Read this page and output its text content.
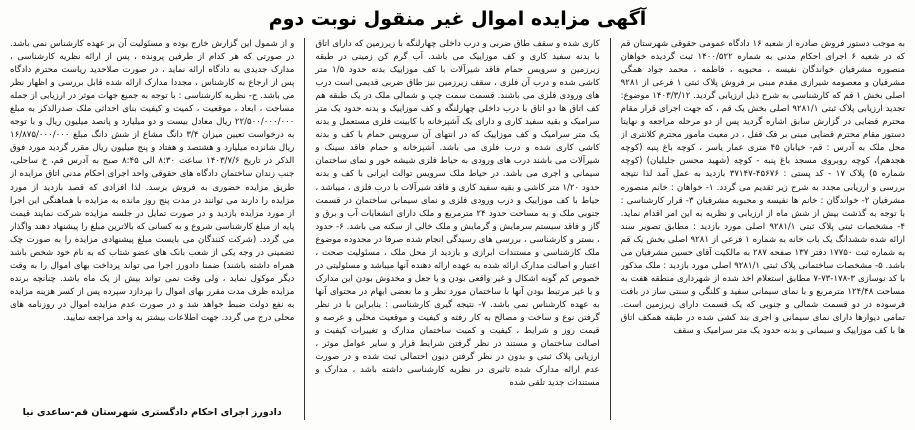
آگهی مزایده اموال غیر منقول نوبت دوم

به موجب دستور فروش صادره از شعبه ۱۶ دادگاه عمومی حقوقی شهرستان قم که در شعبه ۶ اجرای احکام مدنی به شماره ۱۴۰۰/۵۲۲ ثبت گردیده خواهان منصوره مشرفیان خواندگان نفیسه ، محبوبه ، فاطمه ، محمد جواد همگی مشرفیان و معصومه شیرازی مقدم مبنی بر فروش پلاک ثبتی ۱ فرعی از ۹۲۸۱ اصلی بخش ۱ قم که کارشناسی به شرح ذیل ارزیابی گردید. ۱۴۰۳/۳/۱۲ موضوع: تجدید ارزیابی پلاک ثبتی ۹۲۸۱/۱ اصلی بخش یک قم ، که جهت اجرای قرار مقام محترم قضایی در گزارش سابق اشاره گردید پس از دو مرحله مراجعه و نهایتا دستور مقام محترم قضایی مبنی بر فک قفل ، در معیت مامور محترم کلانتری از محل ملک به آدرس : قم- خیابان ۴۵ متری عمار یاسر ، کوچه باغ پنبه (کوچه هجدهم)، کوچه روبروی مسجد باغ پنبه - کوچه (شهید محسن جلیلیان) (کوچه شماره ۵) پلاک ۱۷ - کد پستی : ۴۵۶۷۶-۳۷۱۴۷ بازدید به عمل آمد لذا نتیجه بررسی و ارزیابی مجدد به شرح زیر تقدیم می گردد. ۱- خواهان : خانم منصوره مشرفیان ۲- خواندگان : خانم ها نفیسه و محبوبه مشرفیان ۳- قرار کارشناسی : با توجه به گذشت بیش از شش ماه از ارزیابی و نظریه به این امر اقدام نماید. ۴- مشخصات ثبتی پلاک ثبتی ۹۲۸۱/۱ اصلی مورد بازدید : مطابق تصویر سند ارائه شده ششدانگ یک باب خانه به شماره ۱ فرعی از ۹۲۸۱ اصلی بخش یک قم به شماره ثبت ۱۷۷۵۰ دفتر ۱۳۷ صفحه ۲۸۷ به مالکیت آقای حسین مشرفیان می باشد. ۵- مشخصات ساختمانی پلاک ثبتی ۹۲۸۱/۱ اصلی مورد بازدید : ملک مذکور با کد نوسازی ۳-۱۷۸-۷۳-۷ مطابق استعلام اخذ شده از شهرداری منطقه هفت به مساحت ۱۲۴/۴۸ مترمربع و با نمای سیمانی سفید و کلنگی و سنتی ساز در بافت فرسوده در دو قسمت شمالی و جنوبی که یک قسمت دارای زیرزمین است. تمامی دیوارها دارای نمای سیمانی و اجری بند کشی شده در طبقه همکف اتاق ها با کف موزاییک و سیمانی و بدنه حدود یک متر سرامیک و سقف

کاری شده و سقف طاق ضربی و درب داخلی چهارلنگه با زیرزمین که دارای اتاق با بدنه سفید کاری و کف موزاییک می باشد. آب گرم کن زمینی در طبقه زیرزمین و سرویس حمام فاقد شیرآلات با کف موزاییک بدنه حدود ۱/۵ متر کاشی شده و درب آن فلزی ، سقف زیرزمین نیز طاق ضربی قدیمی است درب های ورودی فلزی می باشند. قسمت سمت چپ و شمالی ملک در یک طبقه هم کف اتاق ها دو اتاق با درب داخلی چهارلنگه و کف موزاییک و بدنه حدود یک متر سرامیک و بقیه سفید کاری و دارای یک آشپزخانه با کابینت فلزی مستعمل و بدنه یک متر سرامیک و کف موزاییک که در انتهای آن سرویس حمام با کف و بدنه کاشی کاری شده و درب فلزی می باشد. آشپزخانه و حمام فاقد سینک و شیرآلات می باشند درب های ورودی به حیاط فلزی شیشه خور و نمای ساختمان سیمانی و اجری می باشد. در حیاط ملک سرویس توالت ایرانی با کف و بدنه حدود ۱/۲۰ متر کاشی و بقیه سفید کاری و فاقد شیرآلات با درب فلزی ، میباشد ، حیاط با کف موزاییک و درب ورودی فلزی و نمای سیمانی ساختمان در قسمت جنوبی ملک و به مساحت حدود ۲۴ مترمربع و ملک دارای انشعابات آب و برق و گاز و فاقد سیستم سرمایش و گرمایش و ملک خالی از سکنه می باشد. ۶- حدود ، بستر و کارشناسی ، بررسی های رسیدگی انجام شده صرفا در محدوده موضوع ملک کارشناسی و مستندات ابرازی و بازدید از محل ملک ، مسئولیت صحت ، اعتبار و اصالت مدارک ارائه شده به عهده ارائه دهنده آنها میباشد و مسئولیتی در خصوص کم گونه اشکال و غیر واقعی بودن و یا جعل و مخدوش بودن این مدارک و یا غیر مرتبط بودن آنها با ساختمان مورد نظر و ما بعضی ابهام در محتوای آنها به عهده کارشناس نمی باشد. ۷- نتیجه گیری کارشناسی : بنابراین با در نظر گرفتن نوع و ساخت و مصالح به کار رفته و کیفیت و موقعیت محلی و عرصه و قیمت روز و شرایط ، کیفیت و کمیت ساختمان مدارک و تغییرات کیفیت و اصالت ساختمان و مستند در نظر گرفتن شرایط قرار و سایر عوامل موثر ، ارزیابی پلاک ثبتی و بدون در نظر گرفتن دیون احتمالی ثبت شده و در صورت عدم ارائه مدارک شده تاثیری در نظریه کارشناسی داشته باشد ، مدارک و مستندات جدید تلقی شده

و از شمول این گزارش خارج بوده و مسئولیت آن بر عهده کارشناس نمی باشد. در صورتی که هر کدام از طرفین پرونده ، پس از ارائه نظریه کارشناسی ، مدارک جدیدی به دادگاه ارائه نماید ، در صورت صلاحدید ریاست محترم دادگاه پس از ارجاع به کارشناس ، مجددا مدارک ارائه شده قابل بررسی و اظهار نظر می باشد. ح- نظریه کارشناسی : با توجه به جمیع جهات موثر در ارزیابی از جمله مساحت ، ابعاد ، موقعیت ، کمیت و کیفیت بنای احداثی ملک صدرالذکر به مبلغ ۲۲/۵۰۰/۰۰۰/۰۰۰ ریال معادل بیست و دو میلیارد و پانصد میلیون ریال و با توجه به درخواست تعیین میزان ۳/۴ دانگ مشاع از شش دانگ مبلغ ۱۶/۸۷۵/۰۰۰/۰۰۰ ریال شانزده میلیارد و هشتصد و هفتاد و پنج میلیون ریال مقرر گردید مورد فوق الذکر در تاریخ ۱۴۰۳/۷/۶ ساعت ۸:۳۰ الی ۸:۴۵ صبح به آدرس قم، خ ساحلی، جنب زندان ساختمان دادگاه های حقوقی واحد اجرای احکام مدنی اتاق مزایده از طریق مزایده حضوری به فروش برسد. لذا افرادی که قصد بازدید از مورد مزایده را دارند می توانند در مدت پنج روز مانده به مزایده با هماهنگی این اجرا از مورد مزایده بازدید و در صورت تمایل در جلسه مزایده شرکت نمایند قیمت پایه از مبلغ کارشناسی شروع و به کسانی که بالاترین مبلغ را پیشنهاد دهند واگذار می گردد. (شرکت کنندگان می بایست مبلغ پیشنهادی مزایده را به صورت چک تضمینی در وجه یکی از شعب بانک های عضو شتاب که به نام خود شخص باشد همراه داشته باشند) ضمنا دادورز اجرا می تواند پرداخت بهای اموال را به وقت دیگر موکول نماید ، ولی وقت نمی تواند بیش از یک ماه باشد. چنانچه برنده مزایده ظرف مدت مقرر بهای اموال را نپردازد سپرده پس از کسر هزینه مزایده به نفع دولت ضبط خواهد شد و در صورت عدم مزایده اموال در روزنامه های محلی درج می گردد. جهت اطلاعات بیشتر به واحد مراجعه نمایید.

دادورز اجرای احکام دادگستری شهرستان قم-ساعدی نیا
